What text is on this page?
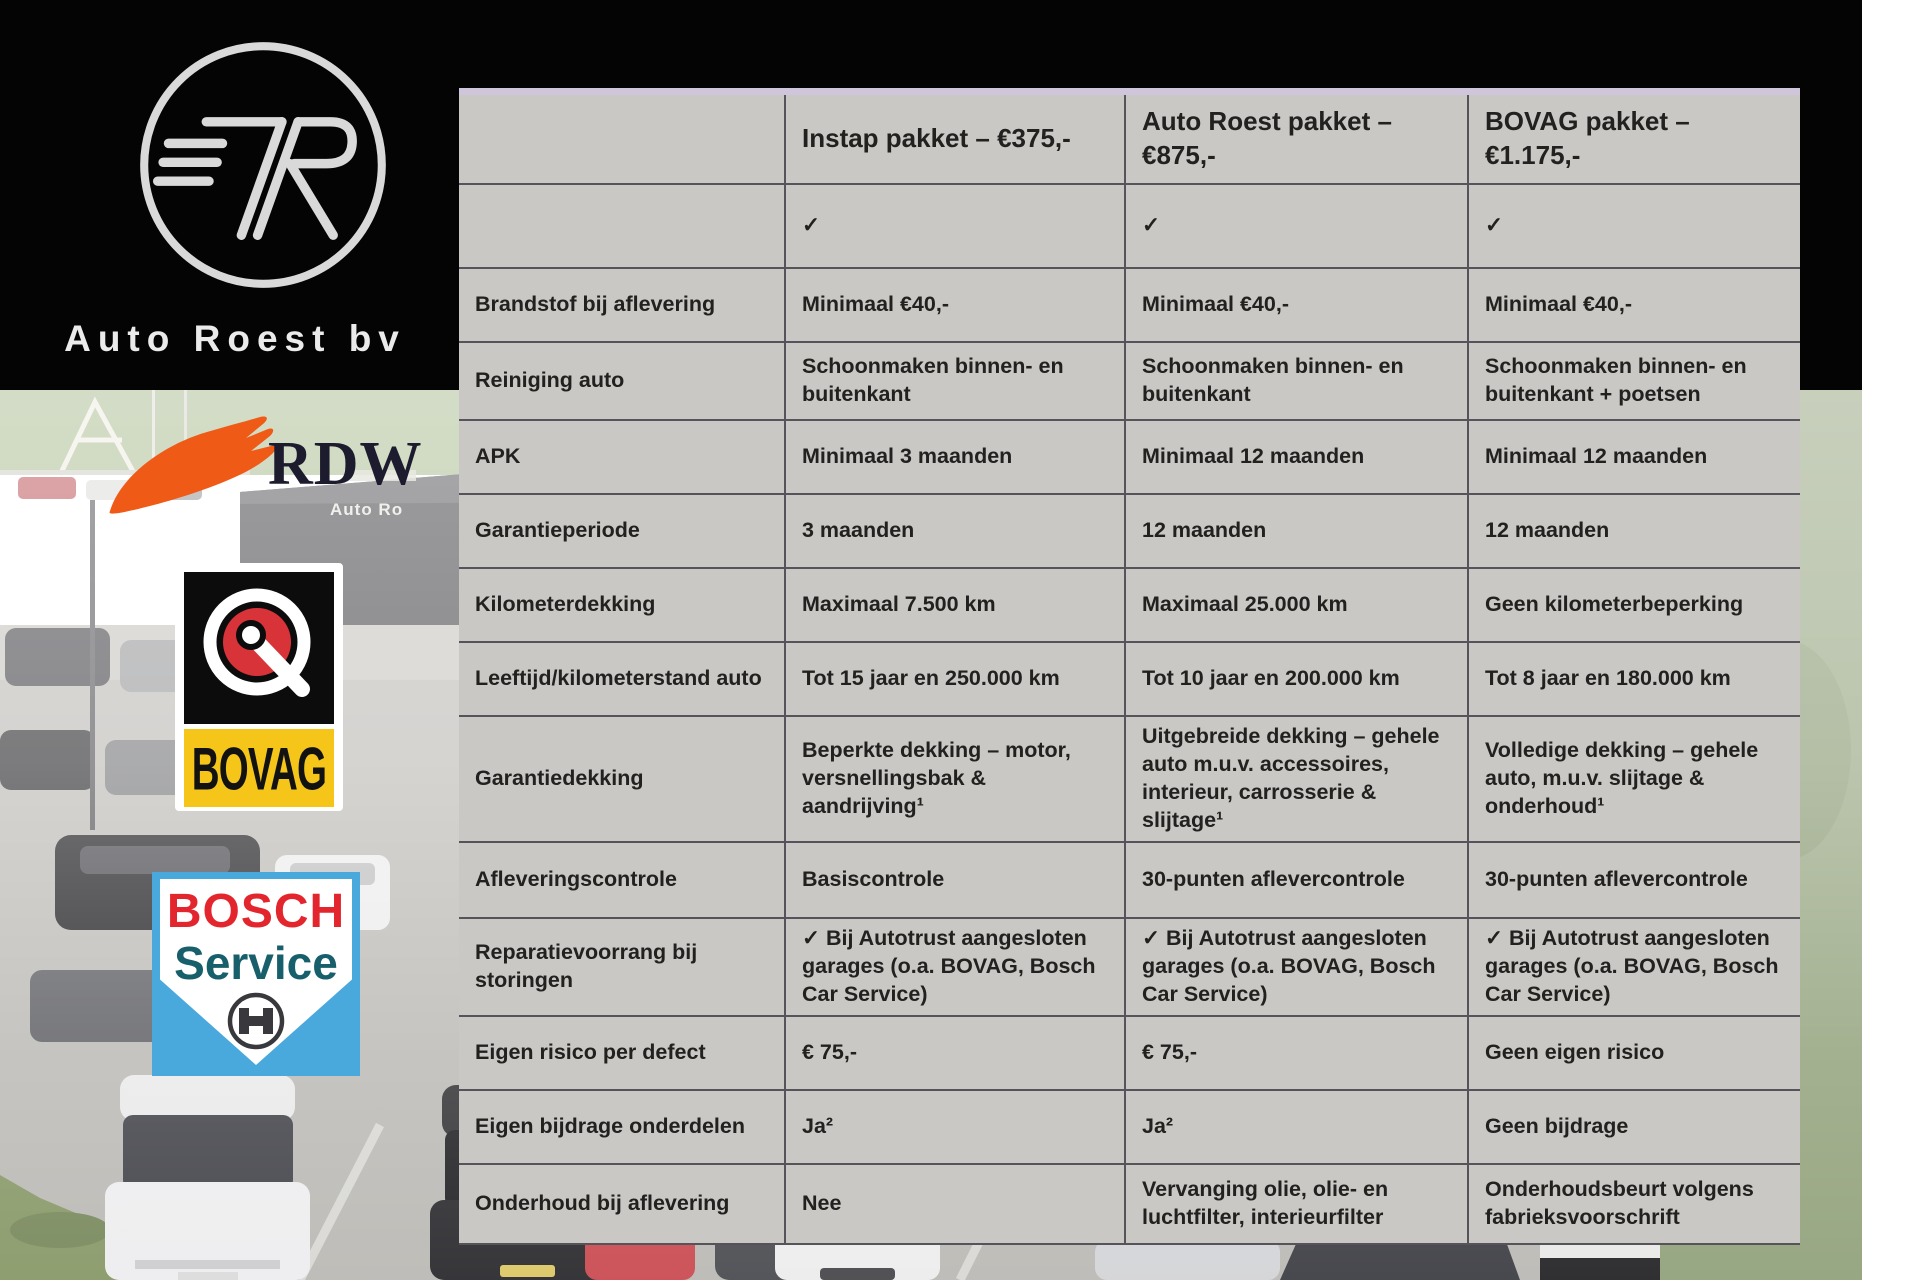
Auto Roest bv
Auto Ro
RDW
BOVAG
BOSCH
Service
	Instap pakket – €375,-	Auto Roest pakket – €875,-	BOVAG pakket – €1.175,-
	✓	✓	✓
Brandstof bij aflevering	Minimaal €40,-	Minimaal €40,-	Minimaal €40,-
Reiniging auto	Schoonmaken binnen- en buitenkant	Schoonmaken binnen- en buitenkant	Schoonmaken binnen- en buitenkant + poetsen
APK	Minimaal 3 maanden	Minimaal 12 maanden	Minimaal 12 maanden
Garantieperiode	3 maanden	12 maanden	12 maanden
Kilometerdekking	Maximaal 7.500 km	Maximaal 25.000 km	Geen kilometerbeperking
Leeftijd/kilometerstand auto	Tot 15 jaar en 250.000 km	Tot 10 jaar en 200.000 km	Tot 8 jaar en 180.000 km
Garantiedekking	Beperkte dekking – motor, versnellingsbak & aandrijving¹	Uitgebreide dekking – gehele auto m.u.v. accessoires, interieur, carrosserie & slijtage¹	Volledige dekking – gehele auto, m.u.v. slijtage & onderhoud¹
Afleveringscontrole	Basiscontrole	30-punten aflevercontrole	30-punten aflevercontrole
Reparatievoorrang bij storingen	✓ Bij Autotrust aangesloten garages (o.a. BOVAG, Bosch Car Service)	✓ Bij Autotrust aangesloten garages (o.a. BOVAG, Bosch Car Service)	✓ Bij Autotrust aangesloten garages (o.a. BOVAG, Bosch Car Service)
Eigen risico per defect	€ 75,-	€ 75,-	Geen eigen risico
Eigen bijdrage onderdelen	Ja²	Ja²	Geen bijdrage
Onderhoud bij aflevering	Nee	Vervanging olie, olie- en luchtfilter, interieurfilter	Onderhoudsbeurt volgens fabrieksvoorschrift
